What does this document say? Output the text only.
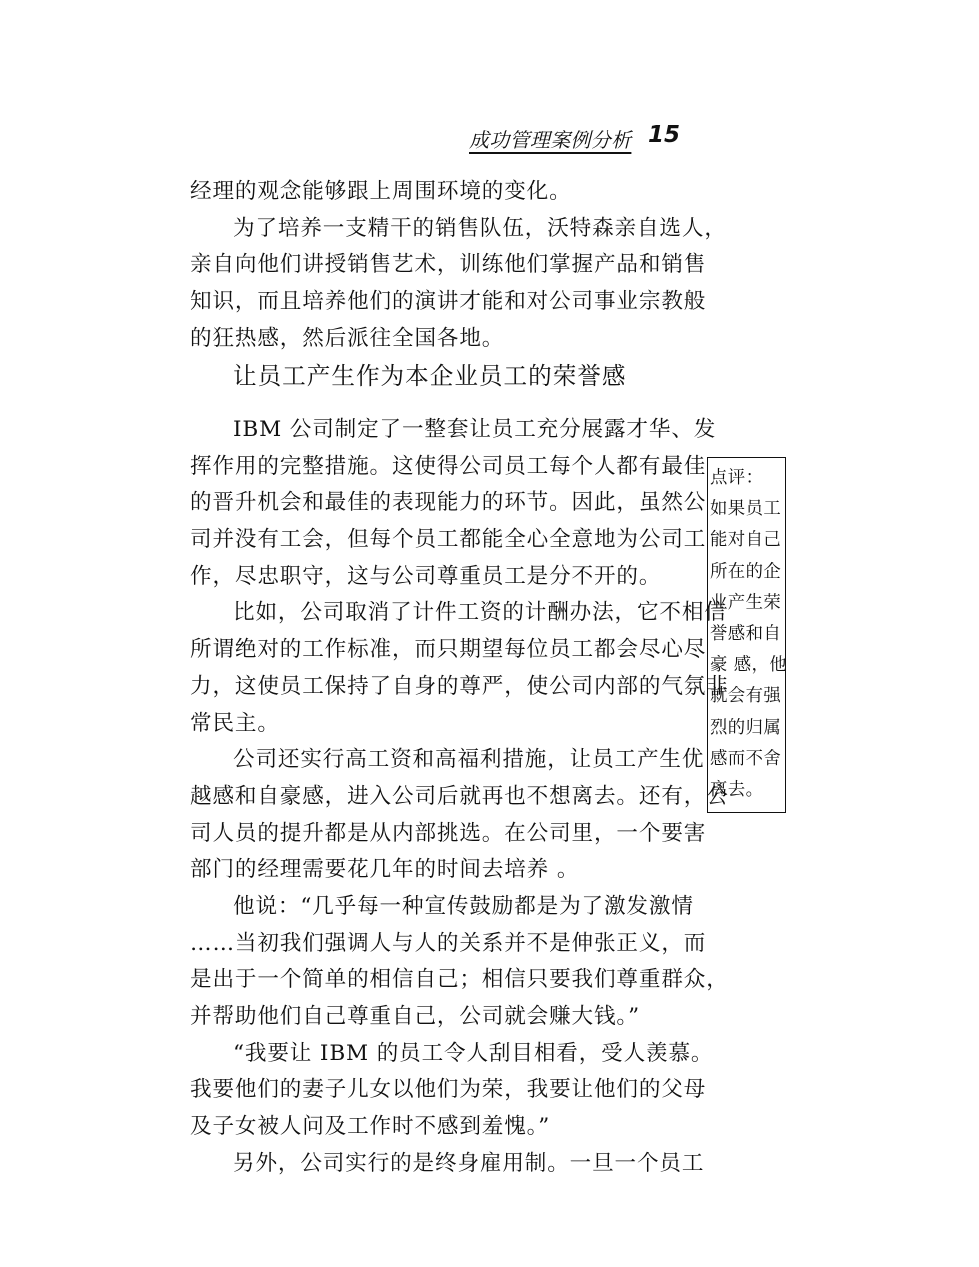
成功管理案例分析 15
经理的观念能够跟上周围环境的变化。
为了培养一支精干的销售队伍，沃特森亲自选人，
亲自向他们讲授销售艺术，训练他们掌握产品和销售
知识，而且培养他们的演讲才能和对公司事业宗教般
的狂热感，然后派往全国各地。
让员工产生作为本企业员工的荣誉感
IBM 公司制定了一整套让员工充分展露才华、发
挥作用的完整措施。这使得公司员工每个人都有最佳
的晋升机会和最佳的表现能力的环节。因此，虽然公
司并没有工会，但每个员工都能全心全意地为公司工
作，尽忠职守，这与公司尊重员工是分不开的。
比如，公司取消了计件工资的计酬办法，它不相信
所谓绝对的工作标准，而只期望每位员工都会尽心尽
力，这使员工保持了自身的尊严，使公司内部的气氛非
常民主。
公司还实行高工资和高福利措施，让员工产生优
越感和自豪感，进入公司后就再也不想离去。还有，公
司人员的提升都是从内部挑选。在公司里，一个要害
部门的经理需要花几年的时间去培养 。
他说：“几乎每一种宣传鼓励都是为了激发激情
……当初我们强调人与人的关系并不是伸张正义，而
是出于一个简单的相信自己；相信只要我们尊重群众，
并帮助他们自己尊重自己，公司就会赚大钱。”
“我要让 IBM 的员工令人刮目相看，受人羡慕。
我要他们的妻子儿女以他们为荣，我要让他们的父母
及子女被人问及工作时不感到羞愧。”
另外，公司实行的是终身雇用制。一旦一个员工
点评：
如果员工
能对自己
所在的企
业产生荣
誉感和自
豪 感，他
就会有强
烈的归属
感而不舍
离去。
